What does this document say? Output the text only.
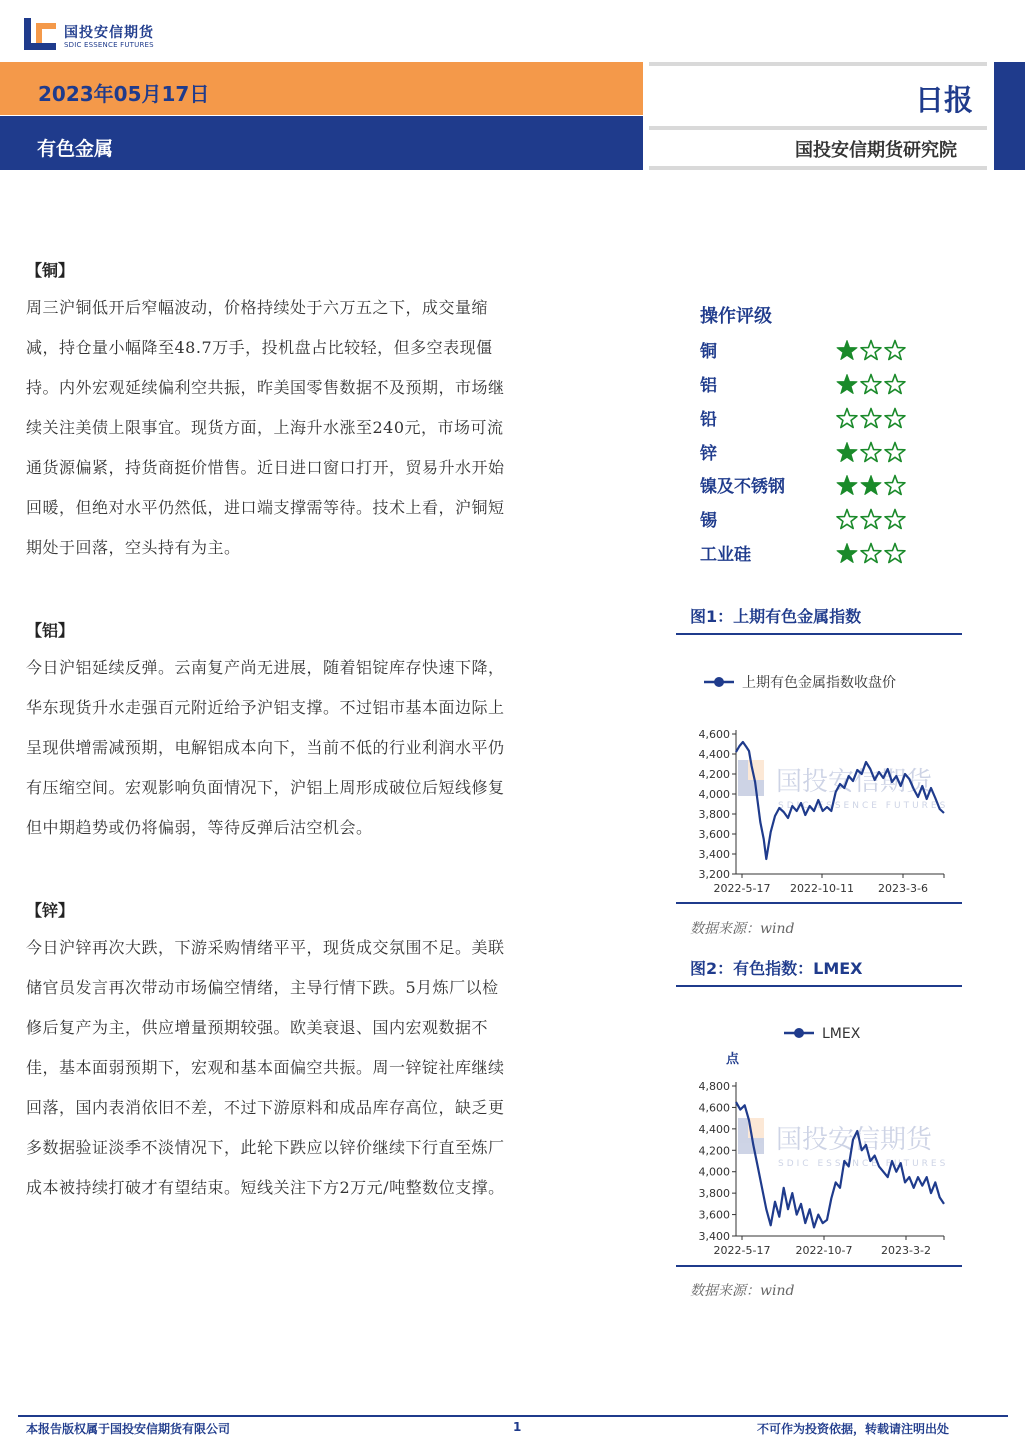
国投安信期货
SDIC ESSENCE FUTURES
2023年05月17日
有色金属
日报
国投安信期货研究院
【铜】
周三沪铜低开后窄幅波动，价格持续处于六万五之下，成交量缩
减，持仓量小幅降至48.7万手，投机盘占比较轻，但多空表现僵
持。内外宏观延续偏利空共振，昨美国零售数据不及预期，市场继
续关注美债上限事宜。现货方面，上海升水涨至240元，市场可流
通货源偏紧，持货商挺价惜售。近日进口窗口打开，贸易升水开始
回暖，但绝对水平仍然低，进口端支撑需等待。技术上看，沪铜短
期处于回落，空头持有为主。
【铝】
今日沪铝延续反弹。云南复产尚无进展，随着铝锭库存快速下降，
华东现货升水走强百元附近给予沪铝支撑。不过铝市基本面边际上
呈现供增需减预期，电解铝成本向下，当前不低的行业利润水平仍
有压缩空间。宏观影响负面情况下，沪铝上周形成破位后短线修复
但中期趋势或仍将偏弱，等待反弹后沽空机会。
【锌】
今日沪锌再次大跌，下游采购情绪平平，现货成交氛围不足。美联
储官员发言再次带动市场偏空情绪，主导行情下跌。5月炼厂以检
修后复产为主，供应增量预期较强。欧美衰退、国内宏观数据不
佳，基本面弱预期下，宏观和基本面偏空共振。周一锌锭社库继续
回落，国内表消依旧不差，不过下游原料和成品库存高位，缺乏更
多数据验证淡季不淡情况下，此轮下跌应以锌价继续下行直至炼厂
成本被持续打破才有望结束。短线关注下方2万元/吨整数位支撑。
操作评级
铜
铝
铅
锌
镍及不锈钢
锡
工业硅
图1：上期有色金属指数
国投安信期货
SDIC ESSENCE FUTURES
3,200
3,400
3,600
3,800
4,000
4,200
4,400
4,600
2022-5-17 2022-10-11 2023-3-6
上期有色金属指数收盘价
数据来源：wind
图2：有色指数：LMEX
国投安信期货
SDIC ESSENCE FUTURES
3,400
3,600
3,800
4,000
4,200
4,400
4,600
4,800
2022-5-17 2022-10-7	2023-3-2
点
LMEX
数据来源：wind
本报告版权属于国投安信期货有限公司	1	不可作为投资依据，转载请注明出处
